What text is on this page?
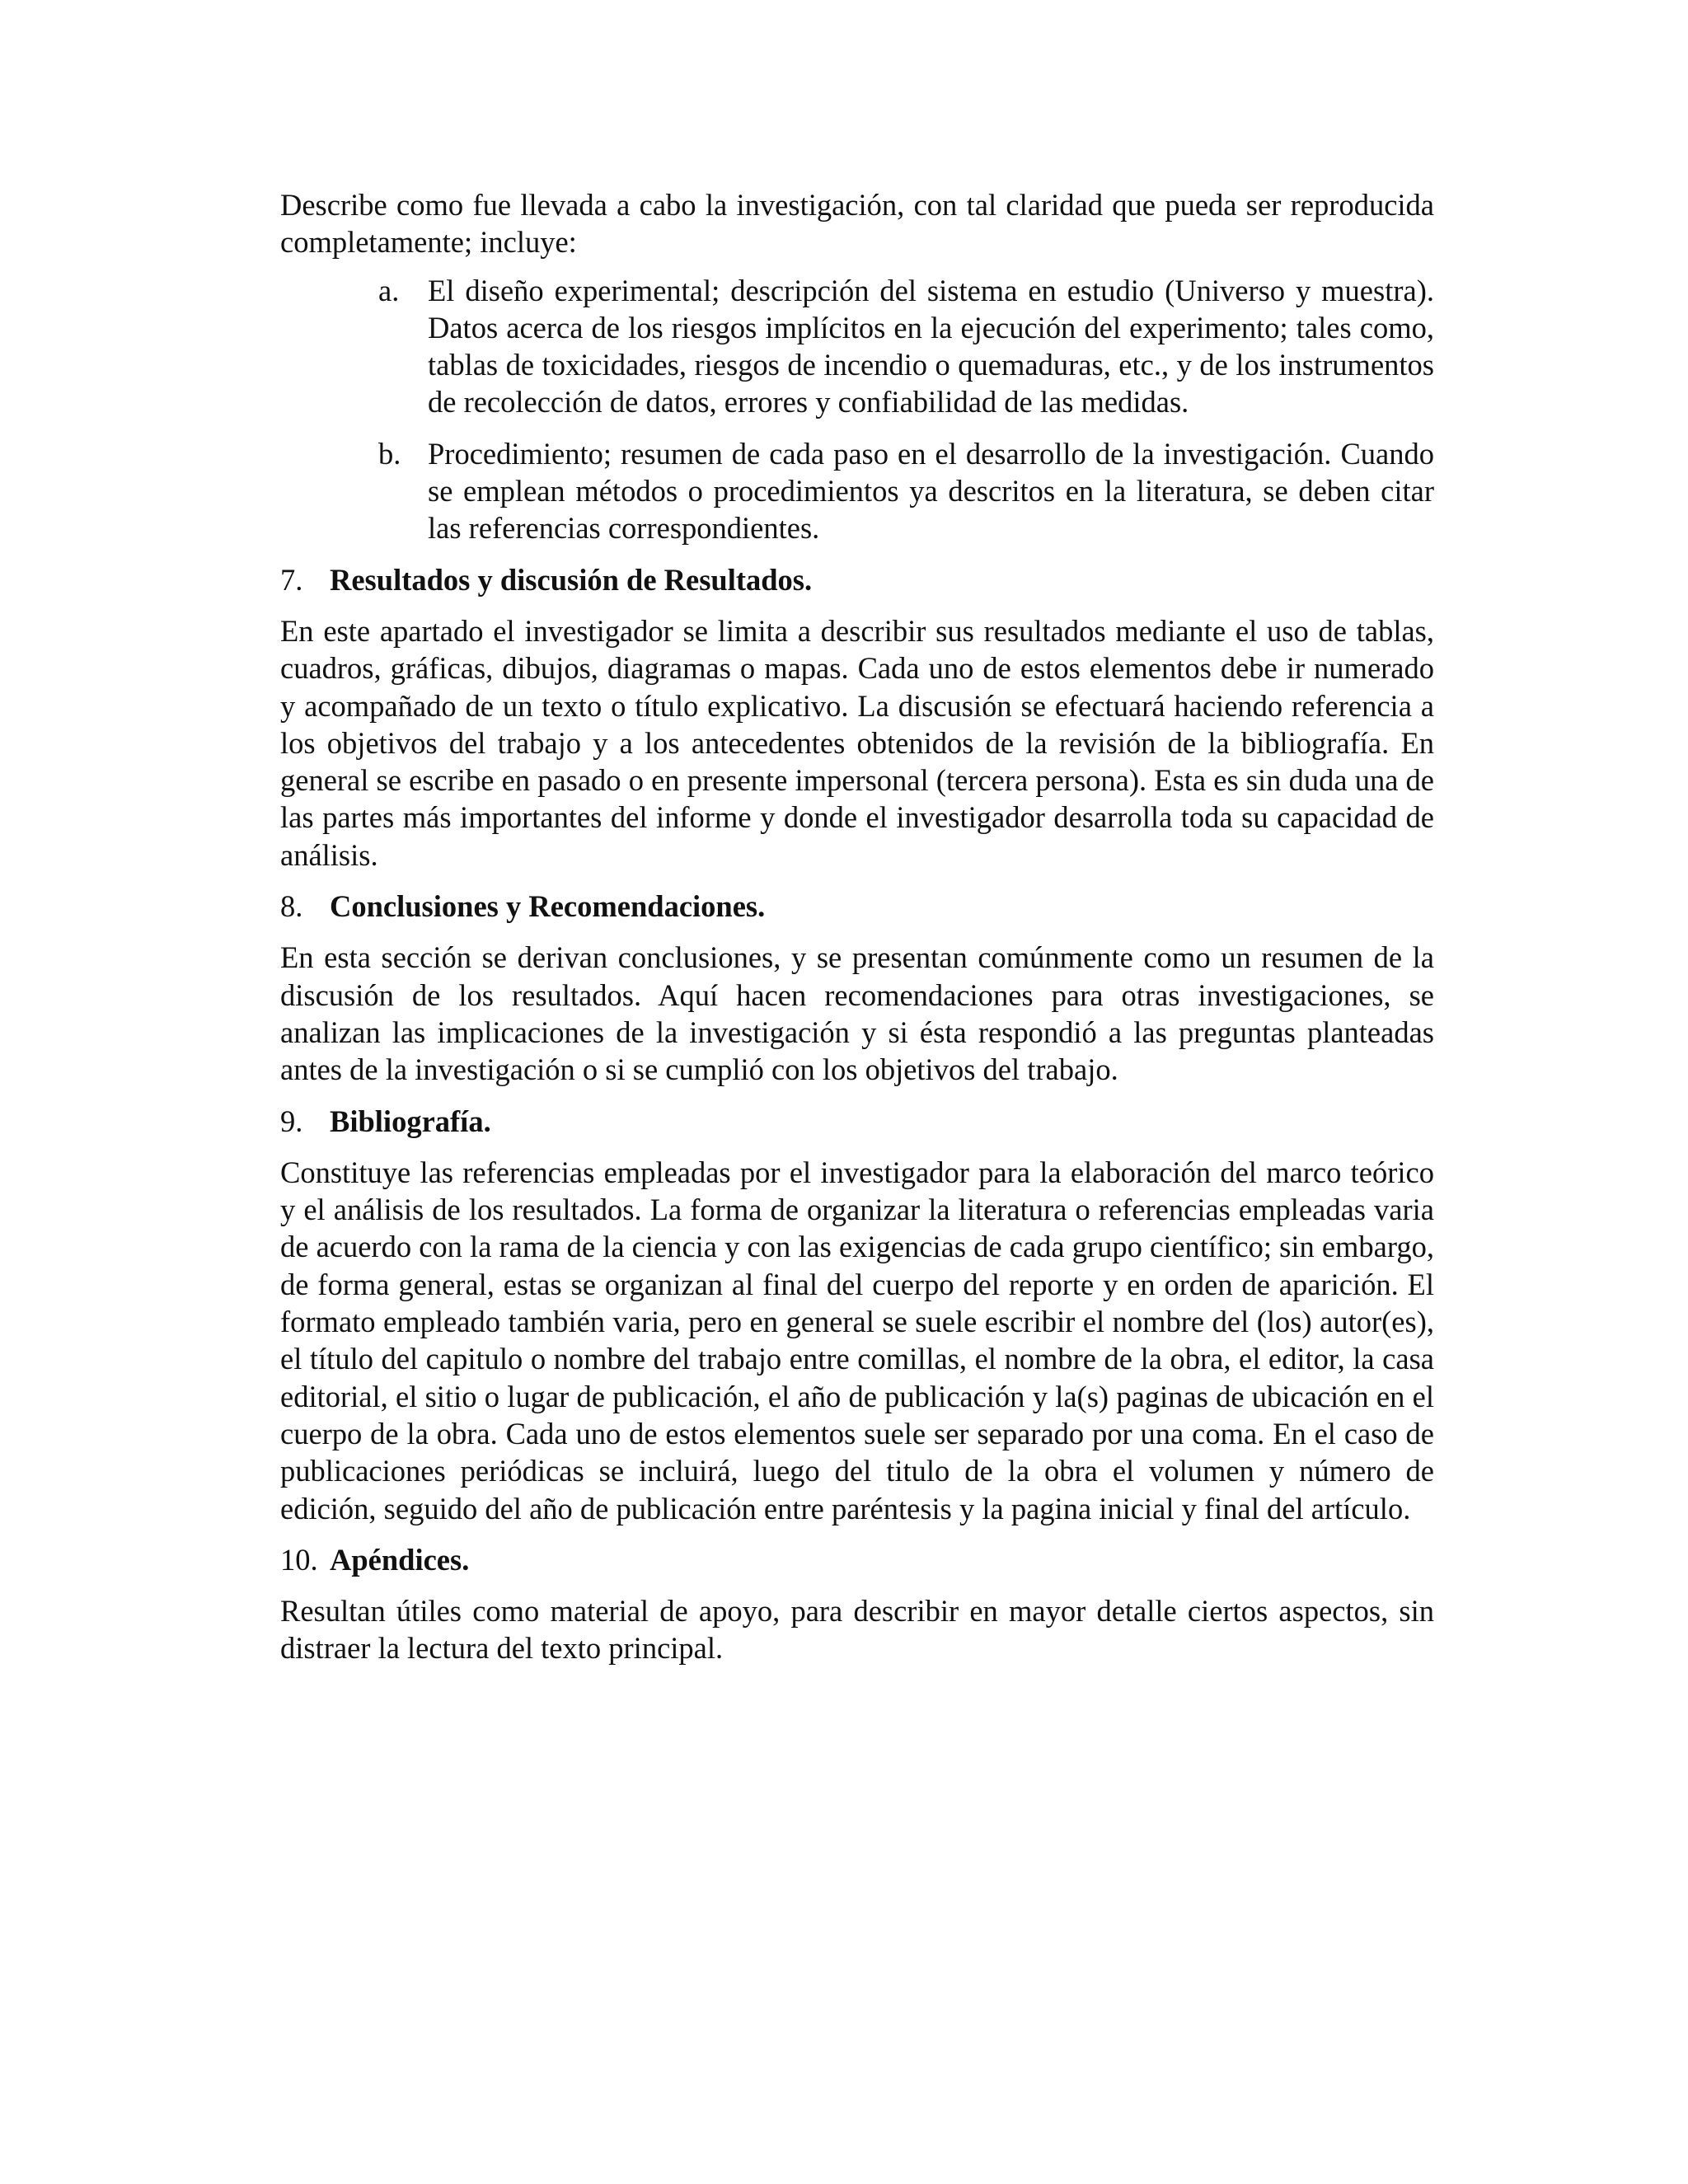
Describe como fue llevada a cabo la investigación, con tal claridad que pueda ser reproducida completamente; incluye:

a. El diseño experimental; descripción del sistema en estudio (Universo y muestra). Datos acerca de los riesgos implícitos en la ejecución del experimento; tales como, tablas de toxicidades, riesgos de incendio o quemaduras, etc., y de los instrumentos de recolección de datos, errores y confiabilidad de las medidas.
b. Procedimiento; resumen de cada paso en el desarrollo de la investigación. Cuando se emplean métodos o procedimientos ya descritos en la literatura, se deben citar las referencias correspondientes.
7. Resultados y discusión de Resultados.

En este apartado el investigador se limita a describir sus resultados mediante el uso de tablas, cuadros, gráficas, dibujos, diagramas o mapas. Cada uno de estos elementos debe ir numerado y acompañado de un texto o título explicativo. La discusión se efectuará haciendo referencia a los objetivos del trabajo y a los antecedentes obtenidos de la revisión de la bibliografía. En general se escribe en pasado o en presente impersonal (tercera persona). Esta es sin duda una de las partes más importantes del informe y donde el investigador desarrolla toda su capacidad de análisis.

8. Conclusiones y Recomendaciones.

En esta sección se derivan conclusiones, y se presentan comúnmente como un resumen de la discusión de los resultados. Aquí hacen recomendaciones para otras investigaciones, se analizan las implicaciones de la investigación y si ésta respondió a las preguntas planteadas antes de la investigación o si se cumplió con los objetivos del trabajo.

9. Bibliografía.

Constituye las referencias empleadas por el investigador para la elaboración del marco teórico y el análisis de los resultados. La forma de organizar la literatura o referencias empleadas varia de acuerdo con la rama de la ciencia y con las exigencias de cada grupo científico; sin embargo, de forma general, estas se organizan al final del cuerpo del reporte y en orden de aparición. El formato empleado también varia, pero en general se suele escribir el nombre del (los) autor(es), el título del capitulo o nombre del trabajo entre comillas, el nombre de la obra, el editor, la casa editorial, el sitio o lugar de publicación, el año de publicación y la(s) paginas de ubicación en el cuerpo de la obra. Cada uno de estos elementos suele ser separado por una coma. En el caso de publicaciones periódicas se incluirá, luego del titulo de la obra el volumen y número de edición, seguido del año de publicación entre paréntesis y la pagina inicial y final del artículo.

10. Apéndices.

Resultan útiles como material de apoyo, para describir en mayor detalle ciertos aspectos, sin distraer la lectura del texto principal.
